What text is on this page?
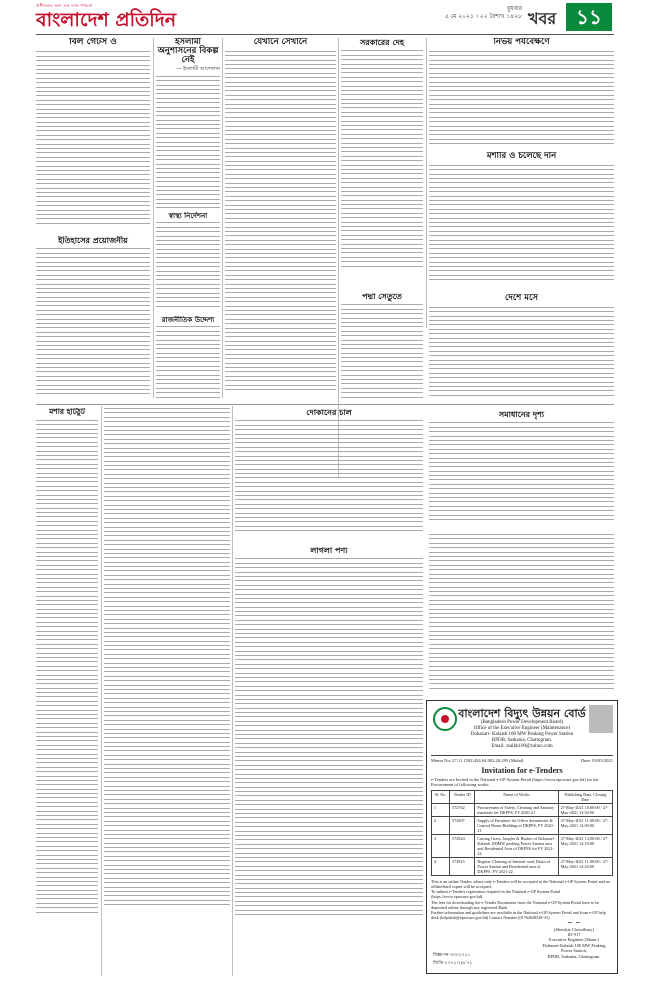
স্বাধীনতার জন্য এক দশক পথচলা
বাংলাদেশ প্রতিদিন
বুধবার
৫ মে ২০২১ । ২২ বৈশাখ ১৪২৮ খবর ১১
বিল গেটস ও
ইতিহাসের প্রয়োজনীয়
ইসলামী অনুশাসনের বিকল্প নেই
— ইসলামী আন্দোলন
স্বাস্থ্য নির্দেশনা
রাজনীতিক উদ্দেশ্য
যেখানে সেখানে	সরকারের দেহ
পদ্মা সেতুতে
নির্ভয় পর্যবেক্ষণে
মশারি ও চলেছে দান
দেশে মসে
মশার হাটঠুট	দোকানের চাল
লাগলা পণ্য
সমাধানের দৃশ্য
বাংলাদেশ বিদ্যুৎ উন্নয়ন বোর্ড
(Bangladesh Power Development Board)
Office of the Executive Engineer (Maintenance)
Dohazari- Kalaish 100 MW Peaking Power Station
BPDB, Satkania, Chattogram.
Email: ssaikh100@yahoo.com
Memo No: 27.11.1582.424.04.002.26.293 (Mohd)	Date: 03/05/2021
Invitation for e-Tenders
e-Tenders are Invited in the National e-GP System Portal (https://www.eprocure.gov.bd) for the Procurement of following works:
Sl. No.	Tender ID	Name of Works	Publishing Date, Closing Date
1	572762	Procurement of Safety, Cleaning and Sanitary materials for DKPPS, FY 2020-21	27-May-2021 10:00:00 / 27-May-2021 13:50:00
2	572807	Supply of Furniture for Office dormitories & Control Room Building of DKPPS, FY 2020-21	27-May-2021 11:00:00 / 27-May-2021 14:00:00
3	572824	Cutting Grass, Jungles & Bushes of Dohazari-Kalaish 100MW peaking Power Station area and Residential Area of DKPPS for FY 2021-22	27-May-2021 12:00:00 / 27-May-2021 14:10:00
4	572815	Regular Cleaning of Internal road, Drain of Power Station and Residential area of DKPPS, FY 2021-22	27-May-2021 11:00:00 / 27-May-2021 14:20:00
This is an online Tender, where only e-Tenders will be accepted in the National e-GP System Portal and no offline/hard copies will be accepted.
To submit e-Tenders registration required in the National e-GP System Portal (https://www.eprocure.gov.bd).
The fees for downloading the e-Tender Documents from the National e-GP System Portal have to be deposited online through any registered Bank.
Further information and guidelines are available in the National e-GP System Portal and from e-GP help desk (helpdesk@eprocure.gov.bd) Contact Number (01762628528-31).
~ ~
(Shawkat Chowdhury)
ID-917
Executive Engineer (Maint.)
Dohazari-Kalaish 100 MW Peaking Power Station,
BPDB, Satkania, Chattogram.
বিজ্ঞাপন-৩/৩/২০২১
জিডি-১৩৭১/২(৬`৭)
